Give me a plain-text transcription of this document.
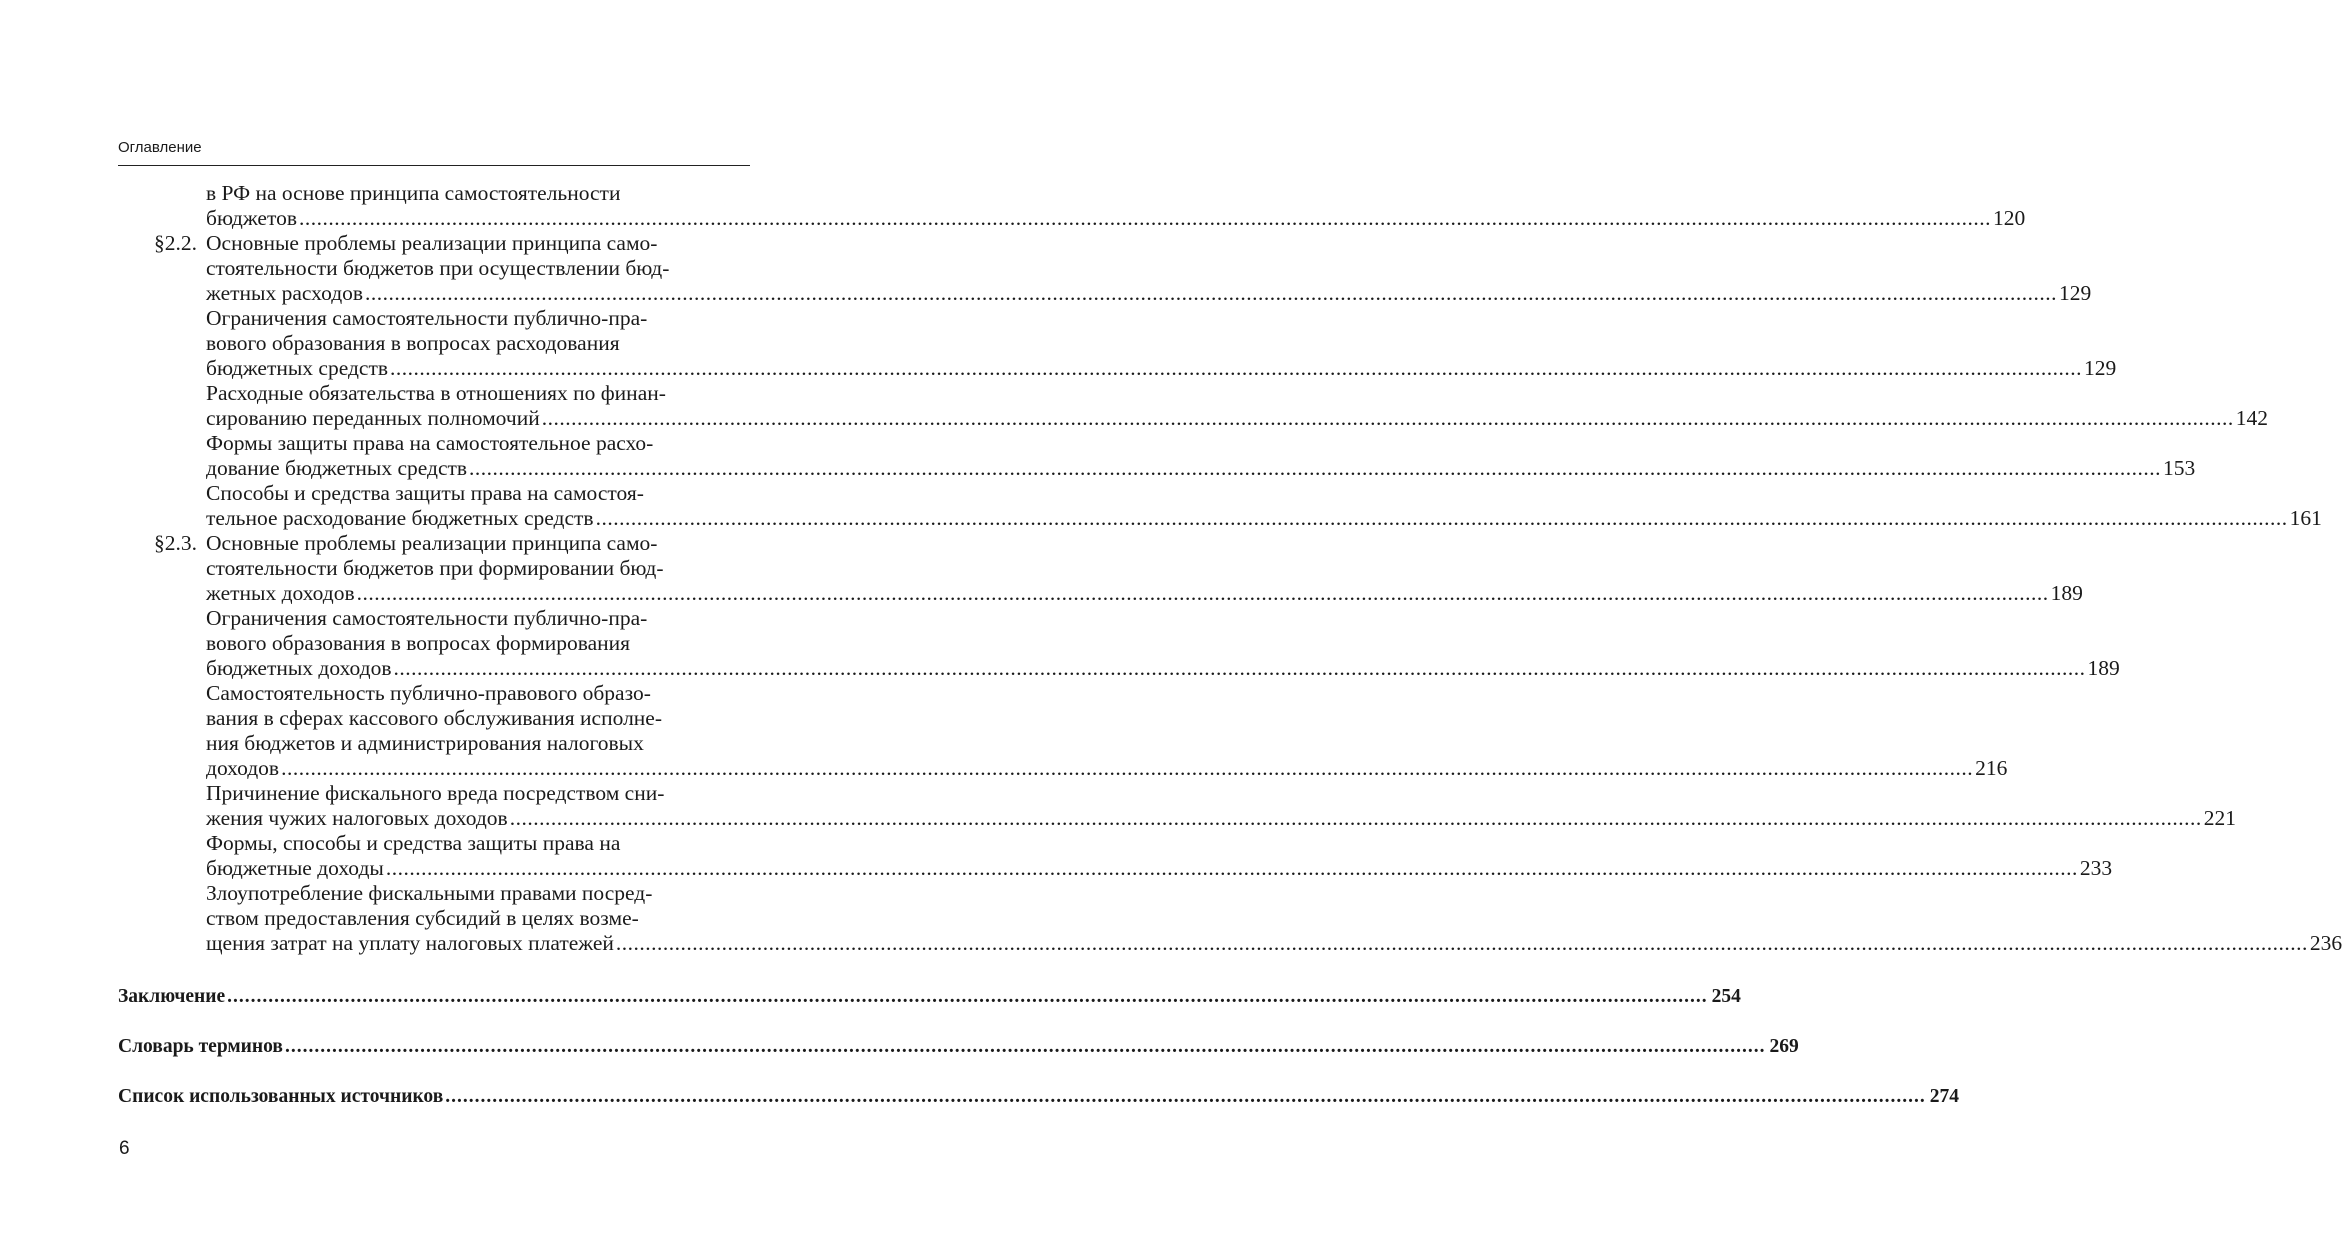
Оглавление
в РФ на основе принципа самостоятельности
бюджетов .....	120
§2.2. Основные проблемы реализации принципа само-
стоятельности бюджетов при осуществлении бюд-
жетных расходов .....	129
Ограничения самостоятельности публично-пра-
вового образования в вопросах расходования
бюджетных средств .....	129
Расходные обязательства в отношениях по финан-
сированию переданных полномочий .....	142
Формы защиты права на самостоятельное расхо-
дование бюджетных средств .....	153
Способы и средства защиты права на самостоя-
тельное расходование бюджетных средств .....	161
§2.3. Основные проблемы реализации принципа само-
стоятельности бюджетов при формировании бюд-
жетных доходов .....	189
Ограничения самостоятельности публично-пра-
вового образования в вопросах формирования
бюджетных доходов .....	189
Самостоятельность публично-правового образо-
вания в сферах кассового обслуживания исполне-
ния бюджетов и администрирования налоговых
доходов .....	216
Причинение фискального вреда посредством сни-
жения чужих налоговых доходов .....	221
Формы, способы и средства защиты права на
бюджетные доходы .....	233
Злоупотребление фискальными правами посред-
ством предоставления субсидий в целях возме-
щения затрат на уплату налоговых платежей .....	236
Заключение .....	254
Словарь терминов .....	269
Список использованных источников .....	274
6
